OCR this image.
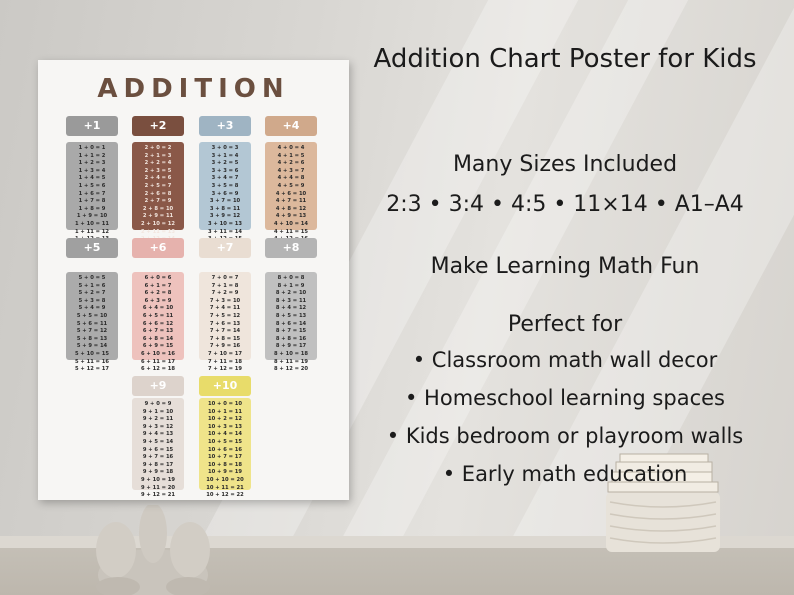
ADDITION
+1
1 + 0 = 1
1 + 1 = 2
1 + 2 = 3
1 + 3 = 4
1 + 4 = 5
1 + 5 = 6
1 + 6 = 7
1 + 7 = 8
1 + 8 = 9
1 + 9 = 10
1 + 10 = 11
1 + 11 = 12
+2
2 + 0 = 2
2 + 1 = 3
2 + 2 = 4
2 + 3 = 5
2 + 4 = 6
2 + 5 = 7
2 + 6 = 8
2 + 7 = 9
2 + 8 = 10
2 + 9 = 11
2 + 10 = 12
2 + 11 = 13
+3
3 + 0 = 3
3 + 1 = 4
3 + 2 = 5
3 + 3 = 6
3 + 4 = 7
3 + 5 = 8
3 + 6 = 9
3 + 7 = 10
3 + 8 = 11
3 + 9 = 12
3 + 10 = 13
3 + 11 = 14
+4
4 + 0 = 4
4 + 1 = 5
4 + 2 = 6
4 + 3 = 7
4 + 4 = 8
4 + 5 = 9
4 + 6 = 10
4 + 7 = 11
4 + 8 = 12
4 + 9 = 13
4 + 10 = 14
4 + 11 = 15
+5
5 + 0 = 5
5 + 1 = 6
5 + 2 = 7
5 + 3 = 8
5 + 4 = 9
5 + 5 = 10
5 + 6 = 11
5 + 7 = 12
5 + 8 = 13
5 + 9 = 14
5 + 10 = 15
5 + 11 = 16
5 + 12 = 17
+6
6 + 0 = 6
6 + 1 = 7
6 + 2 = 8
6 + 3 = 9
6 + 4 = 10
6 + 5 = 11
6 + 6 = 12
6 + 7 = 13
6 + 8 = 14
6 + 9 = 15
6 + 10 = 16
6 + 11 = 17
6 + 12 = 18
+7
7 + 0 = 7
7 + 1 = 8
7 + 2 = 9
7 + 3 = 10
7 + 4 = 11
7 + 5 = 12
7 + 6 = 13
7 + 7 = 14
7 + 8 = 15
7 + 9 = 16
7 + 10 = 17
7 + 11 = 18
7 + 12 = 19
+8
8 + 0 = 8
8 + 1 = 9
8 + 2 = 10
8 + 3 = 11
8 + 4 = 12
8 + 5 = 13
8 + 6 = 14
8 + 7 = 15
8 + 8 = 16
8 + 9 = 17
8 + 10 = 18
8 + 11 = 19
8 + 12 = 20
+9
9 + 0 = 9
9 + 1 = 10
9 + 2 = 11
9 + 3 = 12
9 + 4 = 13
9 + 5 = 14
9 + 6 = 15
9 + 7 = 16
9 + 8 = 17
9 + 9 = 18
9 + 10 = 19
9 + 11 = 20
9 + 12 = 21
+10
10 + 0 = 10
10 + 1 = 11
10 + 2 = 12
10 + 3 = 13
10 + 4 = 14
10 + 5 = 15
10 + 6 = 16
10 + 7 = 17
10 + 8 = 18
10 + 9 = 19
10 + 10 = 20
10 + 11 = 21
10 + 12 = 22
Addition Chart Poster for Kids
Many Sizes Included
2:3 • 3:4 • 4:5 • 11×14 • A1–A4
Make Learning Math Fun
Perfect for
• Classroom math wall decor
• Homeschool learning spaces
• Kids bedroom or playroom walls
• Early math education
